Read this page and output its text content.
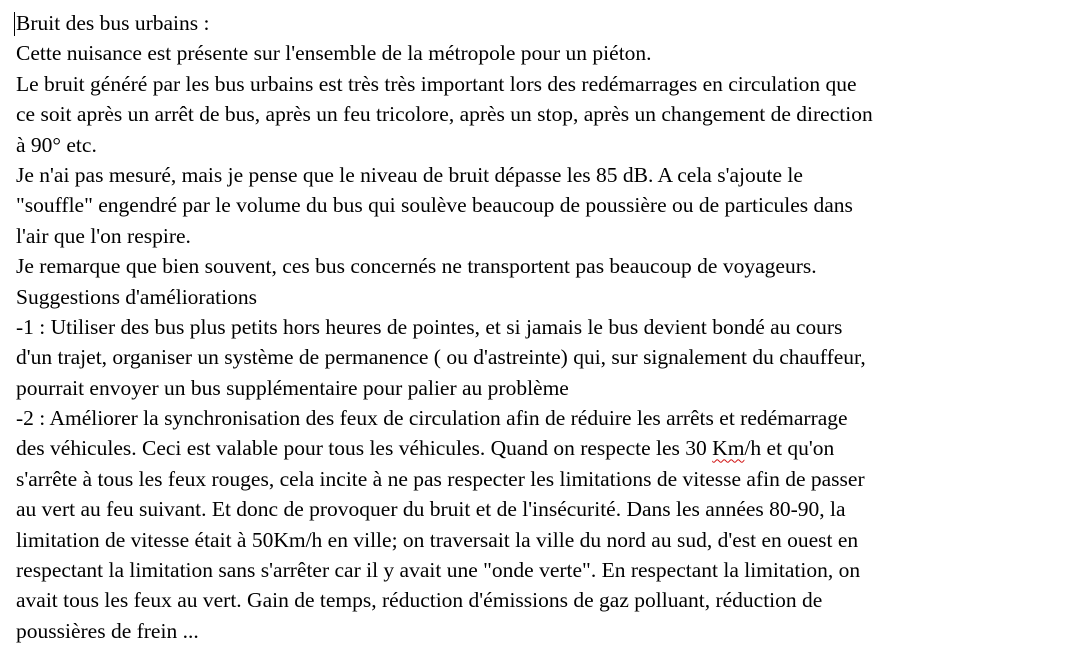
Bruit des bus urbains :
Cette nuisance est présente sur l'ensemble de la métropole pour un piéton.
Le bruit généré par les bus urbains est très très important lors des redémarrages en circulation que
ce soit après un arrêt de bus, après un feu tricolore, après un stop, après un changement de direction
à 90° etc.
Je n'ai pas mesuré, mais je pense que le niveau de bruit dépasse les 85 dB. A cela s'ajoute le
"souffle" engendré par le volume du bus qui soulève beaucoup de poussière ou de particules dans
l'air que l'on respire.
Je remarque que bien souvent, ces bus concernés ne transportent pas beaucoup de voyageurs.
Suggestions d'améliorations
-1 : Utiliser des bus plus petits hors heures de pointes, et si jamais le bus devient bondé au cours
d'un trajet, organiser un système de permanence ( ou d'astreinte) qui, sur signalement du chauffeur,
pourrait envoyer un bus supplémentaire pour palier au problème
-2 : Améliorer la synchronisation des feux de circulation afin de réduire les arrêts et redémarrage
des véhicules. Ceci est valable pour tous les véhicules. Quand on respecte les 30 Km/h et qu'on
s'arrête à tous les feux rouges, cela incite à ne pas respecter les limitations de vitesse afin de passer
au vert au feu suivant. Et donc de provoquer du bruit et de l'insécurité. Dans les années 80-90, la
limitation de vitesse était à 50Km/h en ville; on traversait la ville du nord au sud, d'est en ouest en
respectant la limitation sans s'arrêter car il y avait une "onde verte". En respectant la limitation, on
avait tous les feux au vert. Gain de temps, réduction d'émissions de gaz polluant, réduction de
poussières de frein ...
